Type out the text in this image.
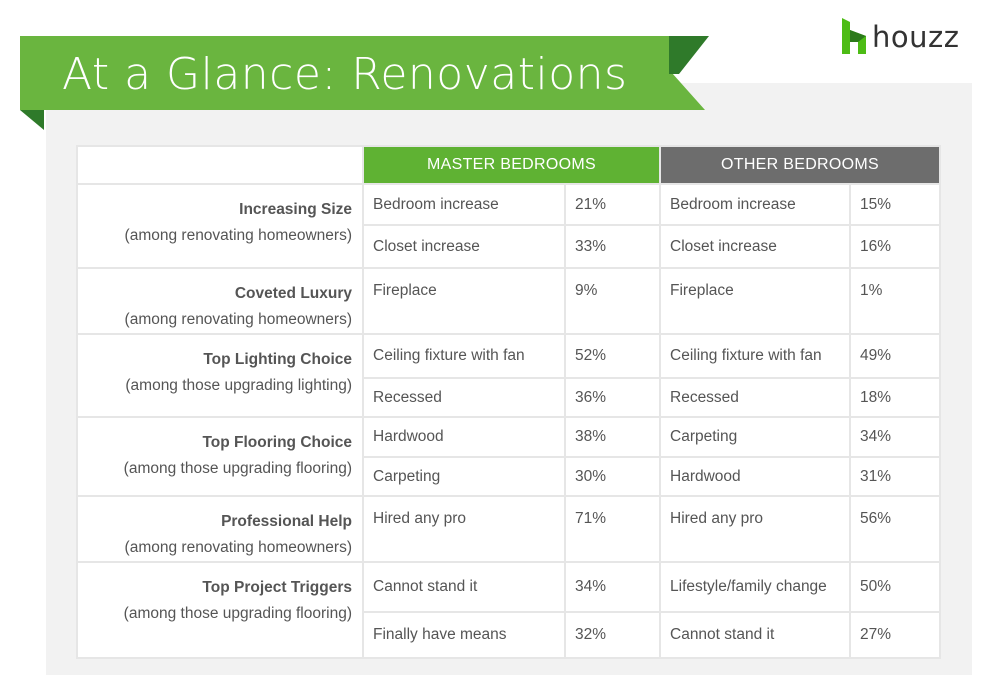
At a Glance: Renovations
houzz
	MASTER BEDROOMS		OTHER BEDROOMS	

Increasing Size
(among renovating homeowners)	Bedroom increase	21%	Bedroom increase	15%
	Closet increase	33%	Closet increase	16%

Coveted Luxury
(among renovating homeowners)	Fireplace	9%	Fireplace	1%

Top Lighting Choice
(among those upgrading lighting)	Ceiling fixture with fan	52%	Ceiling fixture with fan	49%
	Recessed	36%	Recessed	18%

Top Flooring Choice
(among those upgrading flooring)	Hardwood	38%	Carpeting	34%
	Carpeting	30%	Hardwood	31%

Professional Help
(among renovating homeowners)	Hired any pro	71%	Hired any pro	56%

Top Project Triggers
(among those upgrading flooring)	Cannot stand it	34%	Lifestyle/family change	50%
	Finally have means	32%	Cannot stand it	27%
